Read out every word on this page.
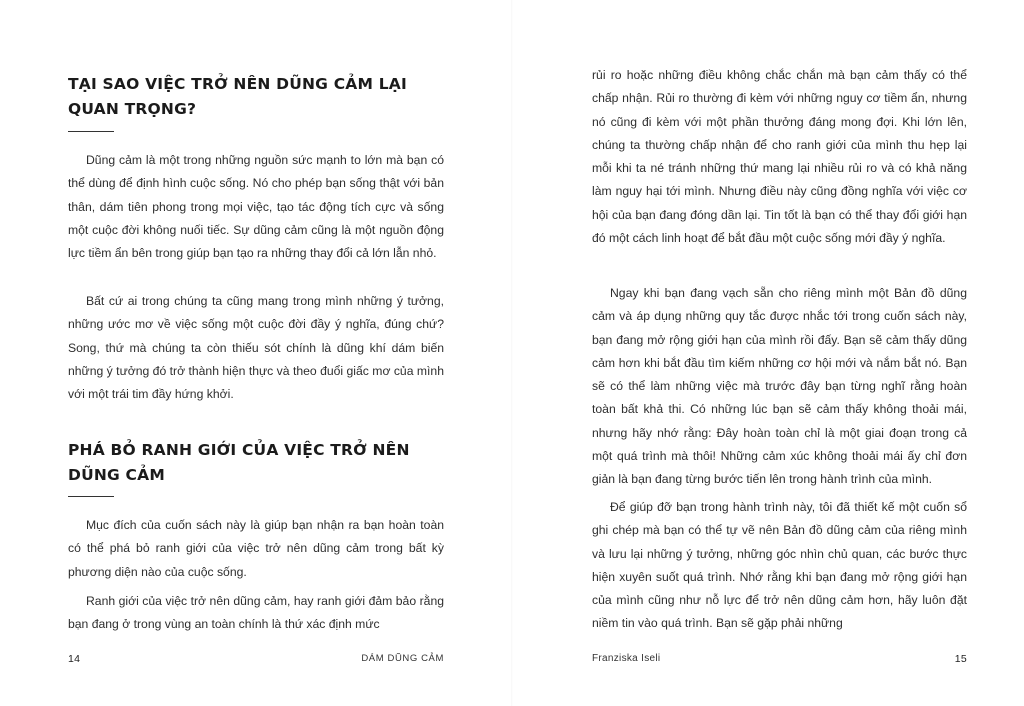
TẠI SAO VIỆC TRỞ NÊN DŨNG CẢM LẠI QUAN TRỌNG?

Dũng cảm là một trong những nguồn sức mạnh to lớn mà bạn có thể dùng để định hình cuộc sống. Nó cho phép bạn sống thật với bản thân, dám tiên phong trong mọi việc, tạo tác động tích cực và sống một cuộc đời không nuối tiếc. Sự dũng cảm cũng là một nguồn động lực tiềm ẩn bên trong giúp bạn tạo ra những thay đổi cả lớn lẫn nhỏ.

Bất cứ ai trong chúng ta cũng mang trong mình những ý tưởng, những ước mơ về việc sống một cuộc đời đầy ý nghĩa, đúng chứ? Song, thứ mà chúng ta còn thiếu sót chính là dũng khí dám biến những ý tưởng đó trở thành hiện thực và theo đuổi giấc mơ của mình với một trái tim đầy hứng khởi.

PHÁ BỎ RANH GIỚI CỦA VIỆC TRỞ NÊN DŨNG CẢM

Mục đích của cuốn sách này là giúp bạn nhận ra bạn hoàn toàn có thể phá bỏ ranh giới của việc trở nên dũng cảm trong bất kỳ phương diện nào của cuộc sống.

Ranh giới của việc trở nên dũng cảm, hay ranh giới đảm bảo rằng bạn đang ở trong vùng an toàn chính là thứ xác định mức

14	DÁM DŨNG CẢM

rủi ro hoặc những điều không chắc chắn mà bạn cảm thấy có thể chấp nhận. Rủi ro thường đi kèm với những nguy cơ tiềm ẩn, nhưng nó cũng đi kèm với một phần thưởng đáng mong đợi. Khi lớn lên, chúng ta thường chấp nhận để cho ranh giới của mình thu hẹp lại mỗi khi ta né tránh những thứ mang lại nhiều rủi ro và có khả năng làm nguy hại tới mình. Nhưng điều này cũng đồng nghĩa với việc cơ hội của bạn đang đóng dần lại. Tin tốt là bạn có thể thay đổi giới hạn đó một cách linh hoạt để bắt đầu một cuộc sống mới đầy ý nghĩa.

Ngay khi bạn đang vạch sẵn cho riêng mình một Bản đồ dũng cảm và áp dụng những quy tắc được nhắc tới trong cuốn sách này, bạn đang mở rộng giới hạn của mình rồi đấy. Bạn sẽ cảm thấy dũng cảm hơn khi bắt đầu tìm kiếm những cơ hội mới và nắm bắt nó. Bạn sẽ có thể làm những việc mà trước đây bạn từng nghĩ rằng hoàn toàn bất khả thi. Có những lúc bạn sẽ cảm thấy không thoải mái, nhưng hãy nhớ rằng: Đây hoàn toàn chỉ là một giai đoạn trong cả một quá trình mà thôi! Những cảm xúc không thoải mái ấy chỉ đơn giản là bạn đang từng bước tiến lên trong hành trình của mình.

Để giúp đỡ bạn trong hành trình này, tôi đã thiết kế một cuốn sổ ghi chép mà bạn có thể tự vẽ nên Bản đồ dũng cảm của riêng mình và lưu lại những ý tưởng, những góc nhìn chủ quan, các bước thực hiện xuyên suốt quá trình. Nhớ rằng khi bạn đang mở rộng giới hạn của mình cũng như nỗ lực để trở nên dũng cảm hơn, hãy luôn đặt niềm tin vào quá trình. Bạn sẽ gặp phải những

Franziska Iseli	15
